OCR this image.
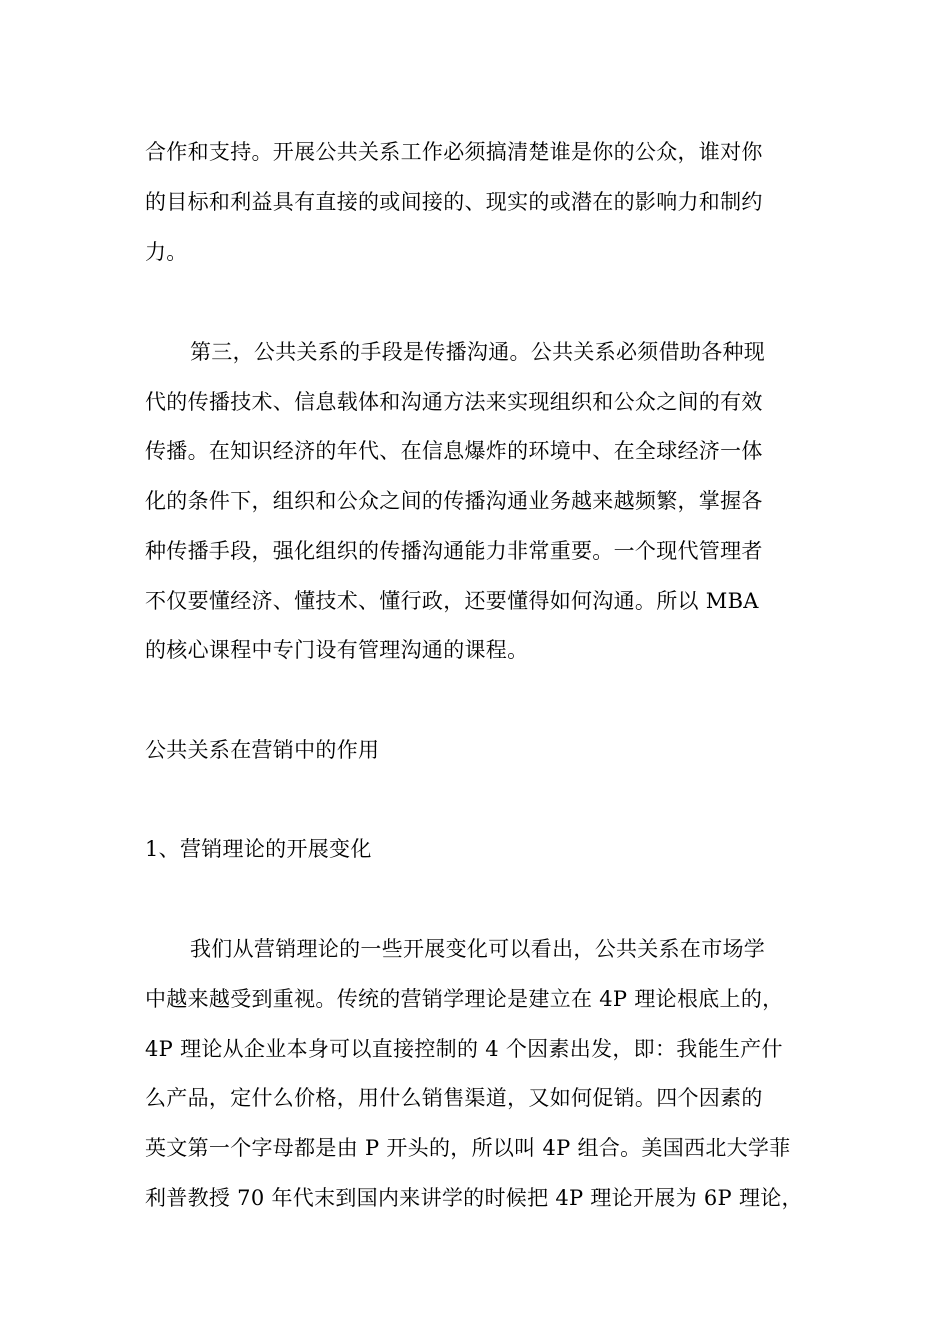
合作和支持。开展公共关系工作必须搞清楚谁是你的公众，谁对你
的目标和利益具有直接的或间接的、现实的或潜在的影响力和制约
力。
第三，公共关系的手段是传播沟通。公共关系必须借助各种现
代的传播技术、信息载体和沟通方法来实现组织和公众之间的有效
传播。在知识经济的年代、在信息爆炸的环境中、在全球经济一体
化的条件下，组织和公众之间的传播沟通业务越来越频繁，掌握各
种传播手段，强化组织的传播沟通能力非常重要。一个现代管理者
不仅要懂经济、懂技术、懂行政，还要懂得如何沟通。所以 MBA
的核心课程中专门设有管理沟通的课程。
公共关系在营销中的作用
1、营销理论的开展变化
我们从营销理论的一些开展变化可以看出，公共关系在市场学
中越来越受到重视。传统的营销学理论是建立在 4P 理论根底上的，
4P 理论从企业本身可以直接控制的 4 个因素出发，即：我能生产什
么产品，定什么价格，用什么销售渠道，又如何促销。四个因素的
英文第一个字母都是由 P 开头的，所以叫 4P 组合。美国西北大学菲
利普教授 70 年代末到国内来讲学的时候把 4P 理论开展为 6P 理论，
